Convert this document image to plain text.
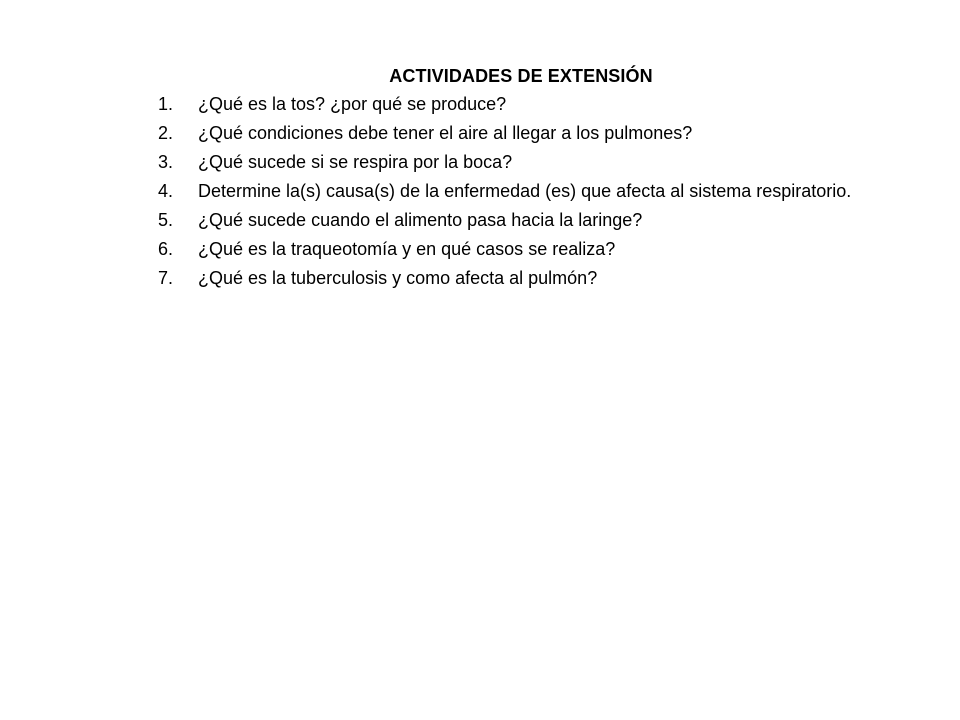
ACTIVIDADES DE EXTENSIÓN

1.	¿Qué es la tos? ¿por qué se produce?
2.	¿Qué condiciones debe tener el aire al llegar a los pulmones?
3.	¿Qué sucede si se respira por la boca?
4.	Determine la(s) causa(s) de la enfermedad (es) que afecta al sistema respiratorio.
5.	¿Qué sucede cuando el alimento pasa hacia la laringe?
6.	¿Qué es la traqueotomía y en qué casos se realiza?
7.	¿Qué es la tuberculosis y como afecta al pulmón?
